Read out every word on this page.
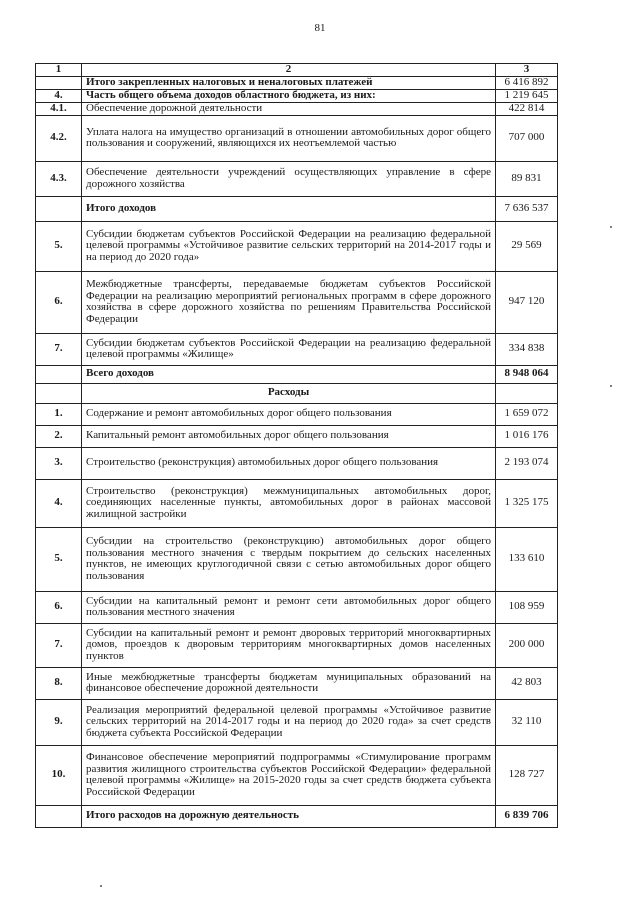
81
1	2	3
	Итого закрепленных налоговых и неналоговых платежей	6 416 892
4.	Часть общего объема доходов областного бюджета, из них:	1 219 645
4.1.	Обеспечение дорожной деятельности	422 814
4.2.	Уплата налога на имущество организаций в отношении автомобильных дорог общего пользования и сооружений, являющихся их неотъемлемой частью	707 000
4.3.	Обеспечение деятельности учреждений осуществляющих управление в сфере дорожного хозяйства	89 831
	Итого доходов	7 636 537
5.	Субсидии бюджетам субъектов Российской Федерации на реализацию федеральной целевой программы «Устойчивое развитие сельских территорий на 2014-2017 годы и на период до 2020 года»	29 569
6.	Межбюджетные трансферты, передаваемые бюджетам субъектов Российской Федерации на реализацию мероприятий региональных программ в сфере дорожного хозяйства в сфере дорожного хозяйства по решениям Правительства Российской Федерации	947 120
7.	Субсидии бюджетам субъектов Российской Федерации на реализацию федеральной целевой программы «Жилище»	334 838
	Всего доходов	8 948 064
	Расходы	
1.	Содержание и ремонт автомобильных дорог общего пользования	1 659 072
2.	Капитальный ремонт автомобильных дорог общего пользования	1 016 176
3.	Строительство (реконструкция) автомобильных дорог общего пользования	2 193 074
4.	Строительство (реконструкция) межмуниципальных автомобильных дорог, соединяющих населенные пункты, автомобильных дорог в районах массовой жилищной застройки	1 325 175
5.	Субсидии на строительство (реконструкцию) автомобильных дорог общего пользования местного значения с твердым покрытием до сельских населенных пунктов, не имеющих круглогодичной связи с сетью автомобильных дорог общего пользования	133 610
6.	Субсидии на капитальный ремонт и ремонт сети автомобильных дорог общего пользования местного значения	108 959
7.	Субсидии на капитальный ремонт и ремонт дворовых территорий многоквартирных домов, проездов к дворовым территориям многоквартирных домов населенных пунктов	200 000
8.	Иные межбюджетные трансферты бюджетам муниципальных образований на финансовое обеспечение дорожной деятельности	42 803
9.	Реализация мероприятий федеральной целевой программы «Устойчивое развитие сельских территорий на 2014-2017 годы и на период до 2020 года» за счет средств бюджета субъекта Российской Федерации	32 110
10.	Финансовое обеспечение мероприятий подпрограммы «Стимулирование программ развития жилищного строительства субъектов Российской Федерации» федеральной целевой программы «Жилище» на 2015-2020 годы за счет средств бюджета субъекта Российской Федерации	128 727
	Итого расходов на дорожную деятельность	6 839 706
